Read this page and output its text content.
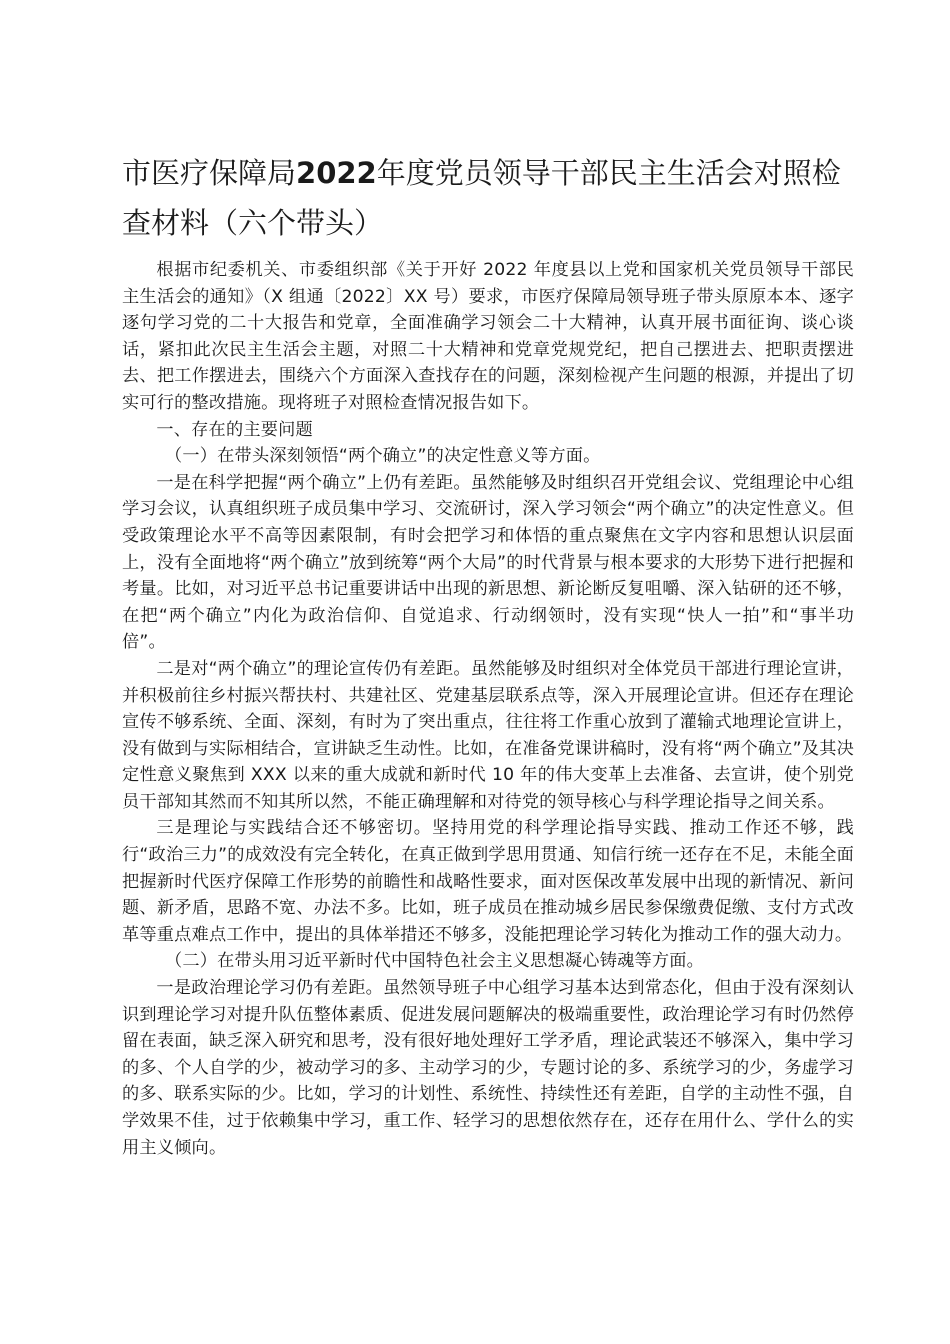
市医疗保障局2022年度党员领导干部民主生活会对照检查材料（六个带头）

根据市纪委机关、市委组织部《关于开好 2022 年度县以上党和国家机关党员领导干部民主生活会的通知》（X 组通〔2022〕XX 号）要求，市医疗保障局领导班子带头原原本本、逐字逐句学习党的二十大报告和党章，全面准确学习领会二十大精神，认真开展书面征询、谈心谈话，紧扣此次民主生活会主题，对照二十大精神和党章党规党纪，把自己摆进去、把职责摆进去、把工作摆进去，围绕六个方面深入查找存在的问题，深刻检视产生问题的根源，并提出了切实可行的整改措施。现将班子对照检查情况报告如下。

一、存在的主要问题

（一）在带头深刻领悟“两个确立”的决定性意义等方面。

一是在科学把握“两个确立”上仍有差距。虽然能够及时组织召开党组会议、党组理论中心组学习会议，认真组织班子成员集中学习、交流研讨，深入学习领会“两个确立”的决定性意义。但受政策理论水平不高等因素限制，有时会把学习和体悟的重点聚焦在文字内容和思想认识层面上，没有全面地将“两个确立”放到统筹“两个大局”的时代背景与根本要求的大形势下进行把握和考量。比如，对习近平总书记重要讲话中出现的新思想、新论断反复咀嚼、深入钻研的还不够，在把“两个确立”内化为政治信仰、自觉追求、行动纲领时，没有实现“快人一拍”和“事半功倍”。

二是对“两个确立”的理论宣传仍有差距。虽然能够及时组织对全体党员干部进行理论宣讲，并积极前往乡村振兴帮扶村、共建社区、党建基层联系点等，深入开展理论宣讲。但还存在理论宣传不够系统、全面、深刻，有时为了突出重点，往往将工作重心放到了灌输式地理论宣讲上，没有做到与实际相结合，宣讲缺乏生动性。比如，在准备党课讲稿时，没有将“两个确立”及其决定性意义聚焦到 XXX 以来的重大成就和新时代 10 年的伟大变革上去准备、去宣讲，使个别党员干部知其然而不知其所以然，不能正确理解和对待党的领导核心与科学理论指导之间关系。

三是理论与实践结合还不够密切。坚持用党的科学理论指导实践、推动工作还不够，践行“政治三力”的成效没有完全转化，在真正做到学思用贯通、知信行统一还存在不足，未能全面把握新时代医疗保障工作形势的前瞻性和战略性要求，面对医保改革发展中出现的新情况、新问题、新矛盾，思路不宽、办法不多。比如，班子成员在推动城乡居民参保缴费促缴、支付方式改革等重点难点工作中，提出的具体举措还不够多，没能把理论学习转化为推动工作的强大动力。

（二）在带头用习近平新时代中国特色社会主义思想凝心铸魂等方面。

一是政治理论学习仍有差距。虽然领导班子中心组学习基本达到常态化，但由于没有深刻认识到理论学习对提升队伍整体素质、促进发展问题解决的极端重要性，政治理论学习有时仍然停留在表面，缺乏深入研究和思考，没有很好地处理好工学矛盾，理论武装还不够深入，集中学习的多、个人自学的少，被动学习的多、主动学习的少，专题讨论的多、系统学习的少，务虚学习的多、联系实际的少。比如，学习的计划性、系统性、持续性还有差距，自学的主动性不强，自学效果不佳，过于依赖集中学习，重工作、轻学习的思想依然存在，还存在用什么、学什么的实用主义倾向。
